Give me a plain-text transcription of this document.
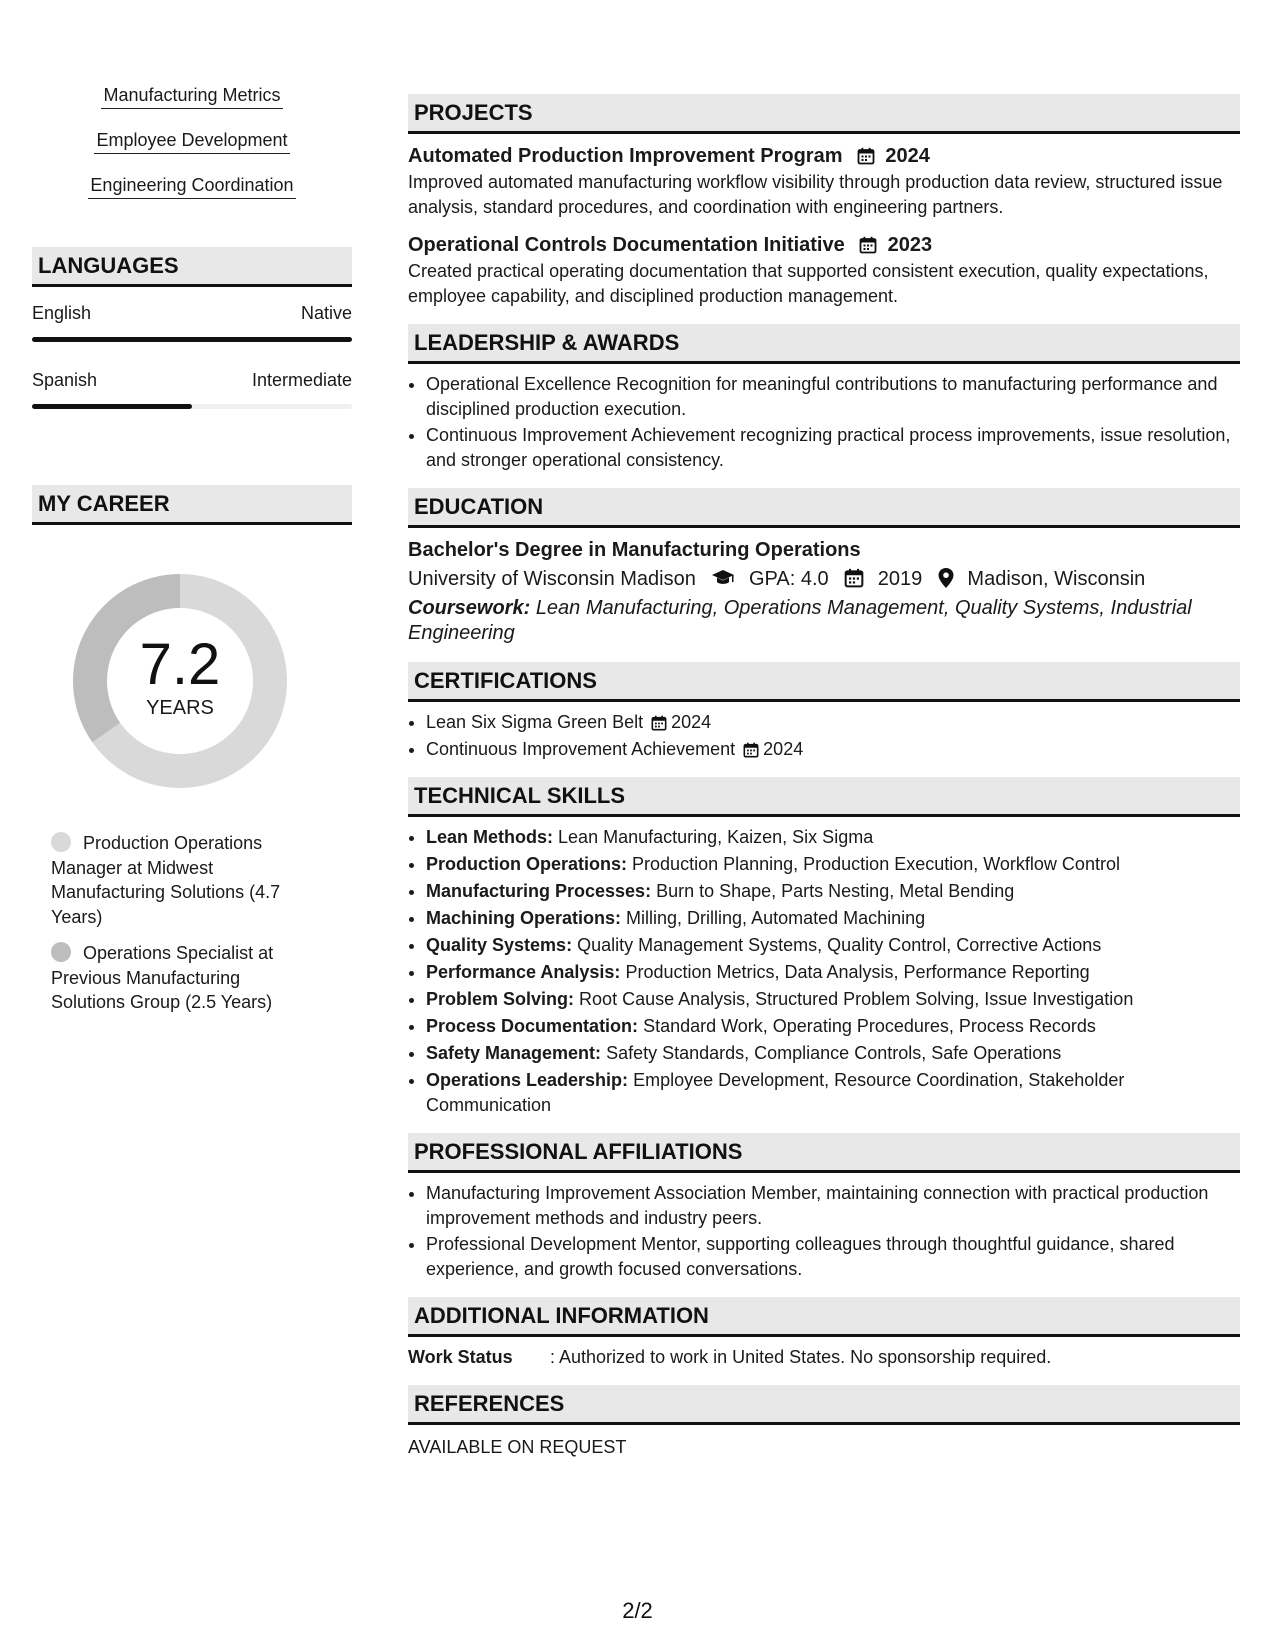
Manufacturing Metrics
Employee Development
Engineering Coordination
LANGUAGES
English	Native
Spanish	Intermediate
MY CAREER
7.2
YEARS
Production Operations Manager at Midwest Manufacturing Solutions (4.7 Years)
Operations Specialist at Previous Manufacturing Solutions Group (2.5 Years)
PROJECTS
Automated Production Improvement Program 2024
Improved automated manufacturing workflow visibility through production data review, structured issue analysis, standard procedures, and coordination with engineering partners.
Operational Controls Documentation Initiative 2023
Created practical operating documentation that supported consistent execution, quality expectations, employee capability, and disciplined production management.
LEADERSHIP & AWARDS
• Operational Excellence Recognition for meaningful contributions to manufacturing performance and disciplined production execution.
• Continuous Improvement Achievement recognizing practical process improvements, issue resolution, and stronger operational consistency.
EDUCATION
Bachelor's Degree in Manufacturing Operations
University of Wisconsin Madison	GPA: 4.0 2019 Madison, Wisconsin
Coursework: Lean Manufacturing, Operations Management, Quality Systems, Industrial Engineering
CERTIFICATIONS
• Lean Six Sigma Green Belt 2024
• Continuous Improvement Achievement 2024
TECHNICAL SKILLS
• Lean Methods: Lean Manufacturing, Kaizen, Six Sigma
• Production Operations: Production Planning, Production Execution, Workflow Control
• Manufacturing Processes: Burn to Shape, Parts Nesting, Metal Bending
• Machining Operations: Milling, Drilling, Automated Machining
• Quality Systems: Quality Management Systems, Quality Control, Corrective Actions
• Performance Analysis: Production Metrics, Data Analysis, Performance Reporting
• Problem Solving: Root Cause Analysis, Structured Problem Solving, Issue Investigation
• Process Documentation: Standard Work, Operating Procedures, Process Records
• Safety Management: Safety Standards, Compliance Controls, Safe Operations
• Operations Leadership: Employee Development, Resource Coordination, Stakeholder Communication
PROFESSIONAL AFFILIATIONS
• Manufacturing Improvement Association Member, maintaining connection with practical production improvement methods and industry peers.
• Professional Development Mentor, supporting colleagues through thoughtful guidance, shared experience, and growth focused conversations.
ADDITIONAL INFORMATION
Work Status	: Authorized to work in United States. No sponsorship required.
REFERENCES
AVAILABLE ON REQUEST
2/2
